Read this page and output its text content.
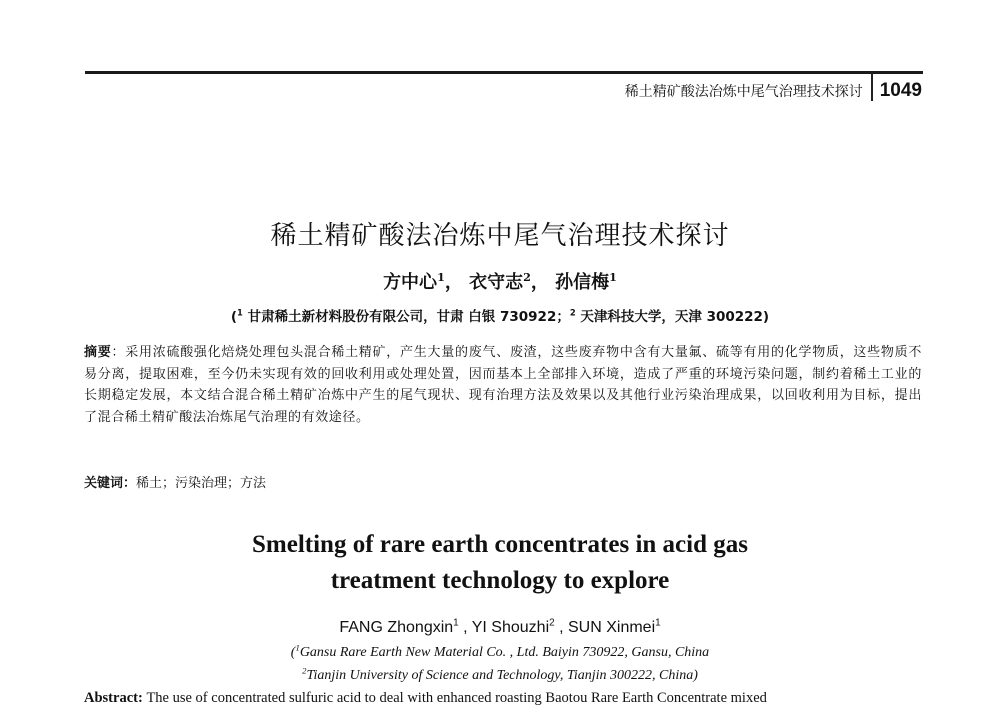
稀土精矿酸法冶炼中尾气治理技术探讨 1049
稀土精矿酸法冶炼中尾气治理技术探讨
方中心$^1$， 衣守志$^2$， 孙信梅$^1$
($^1$ 甘肃稀土新材料股份有限公司，甘肃 白银 730922；$^2$ 天津科技大学，天津 300222)
摘要：采用浓硫酸强化焙烧处理包头混合稀土精矿，产生大量的废气、废渣，这些废弃物中含有大量氟、硫等有用的化学物质，这些物质不易分离，提取困难，至今仍未实现有效的回收利用或处理处置，因而基本上全部排入环境，造成了严重的环境污染问题，制约着稀土工业的长期稳定发展，本文结合混合稀土精矿冶炼中产生的尾气现状、现有治理方法及效果以及其他行业污染治理成果，以回收利用为目标，提出了混合稀土精矿酸法冶炼尾气治理的有效途径。
关键词：稀土；污染治理；方法
Smelting of rare earth concentrates in acid gas
treatment technology to explore
FANG Zhongxin$^1$ , YI Shouzhi$^2$ , SUN Xinmei$^1$
($^1$Gansu Rare Earth New Material Co. , Ltd. Baiyin 730922, Gansu, China
$^2$Tianjin University of Science and Technology, Tianjin 300222, China)
Abstract: The use of concentrated sulfuric acid to deal with enhanced roasting Baotou Rare Earth Concentrate mixed
